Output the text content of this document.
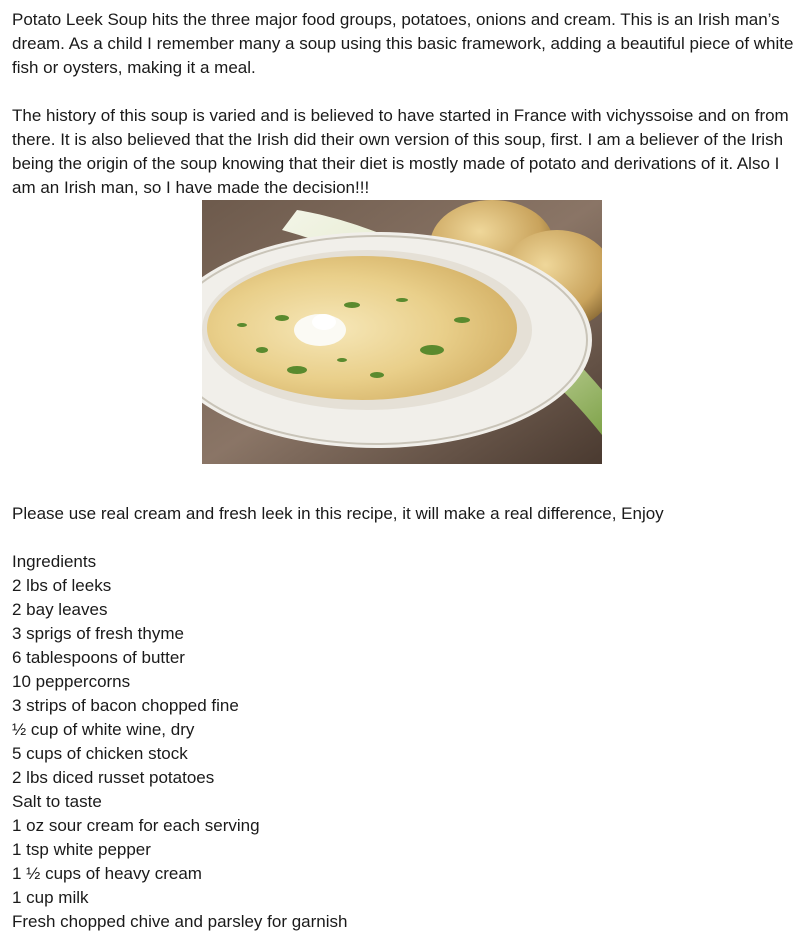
Potato Leek Soup hits the three major food groups, potatoes, onions and cream. This is an Irish man’s dream. As a child I remember many a soup using this basic framework, adding a beautiful piece of white fish or oysters, making it a meal.

The history of this soup is varied and is believed to have started in France with vichyssoise and on from there. It is also believed that the Irish did their own version of this soup, first. I am a believer of the Irish being the origin of the soup knowing that their diet is mostly made of potato and derivations of it. Also I am an Irish man, so I have made the decision!!!

Please use real cream and fresh leek in this recipe, it will make a real difference, Enjoy

Ingredients

2 lbs of leeks
2 bay leaves
3 sprigs of fresh thyme
6 tablespoons of butter
10 peppercorns
3 strips of bacon chopped fine
½ cup of white wine, dry
5 cups of chicken stock
2 lbs diced russet potatoes
Salt to taste
1 oz sour cream for each serving
1 tsp white pepper
1 ½ cups of heavy cream
1 cup milk
Fresh chopped chive and parsley for garnish
